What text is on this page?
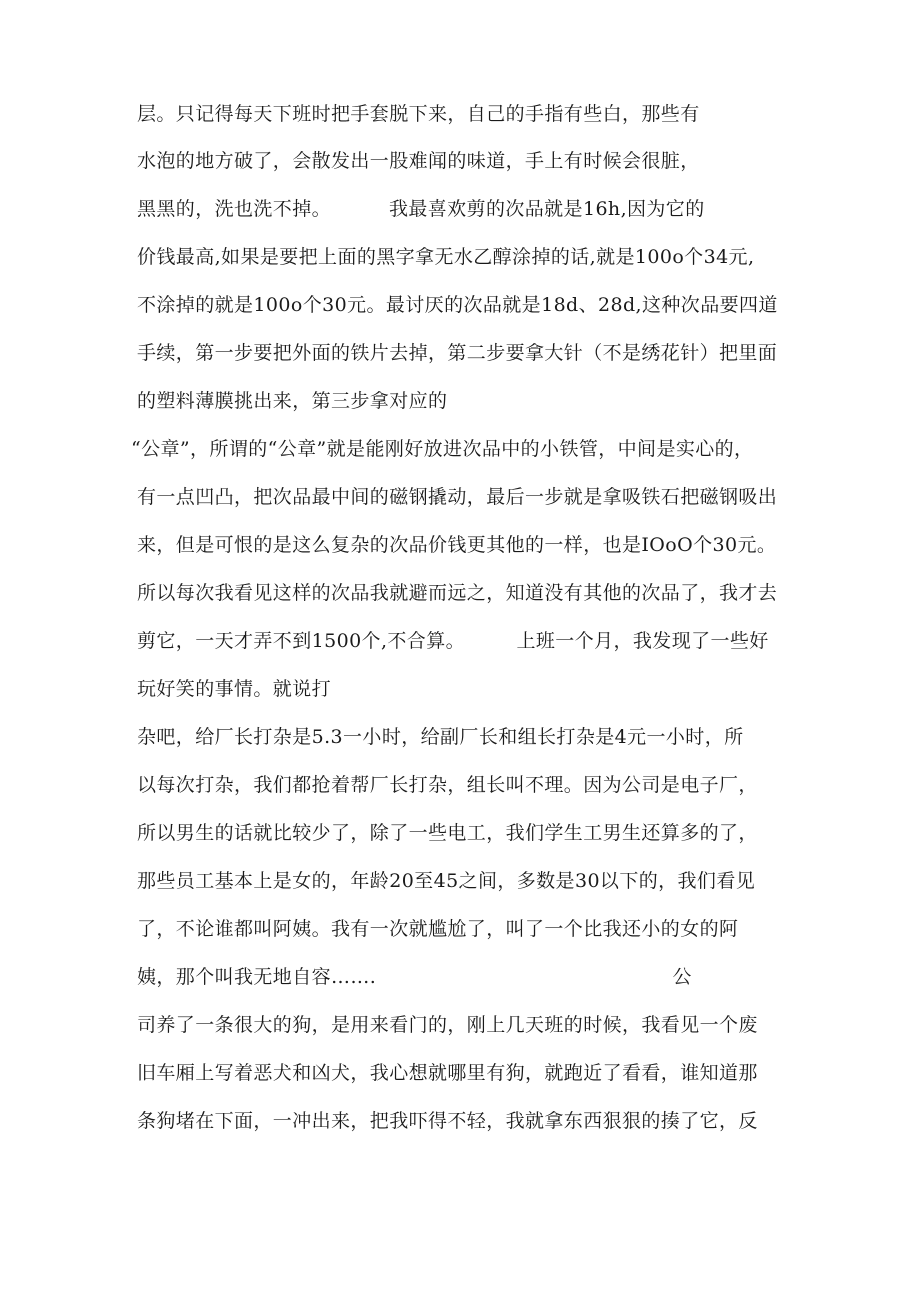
层。只记得每天下班时把手套脱下来，自己的手指有些白，那些有
水泡的地方破了，会散发出一股难闻的味道，手上有时候会很脏，
黑黑的，洗也洗不掉。         我最喜欢剪的次品就是16h,因为它的
价钱最高,如果是要把上面的黑字拿无水乙醇涂掉的话,就是100o个34元,
不涂掉的就是100o个30元。最讨厌的次品就是18d、28d,这种次品要四道
手续，第一步要把外面的铁片去掉，第二步要拿大针（不是绣花针）把里面
的塑料薄膜挑出来，第三步拿对应的
“公章”，所谓的“公章”就是能刚好放进次品中的小铁管，中间是实心的，
有一点凹凸，把次品最中间的磁钢撬动，最后一步就是拿吸铁石把磁钢吸出
来，但是可恨的是这么复杂的次品价钱更其他的一样，也是IOoO个30元。
所以每次我看见这样的次品我就避而远之，知道没有其他的次品了，我才去
剪它，一天才弄不到1500个,不合算。        上班一个月，我发现了一些好
玩好笑的事情。就说打
杂吧，给厂长打杂是5.3一小时，给副厂长和组长打杂是4元一小时，所
以每次打杂，我们都抢着帮厂长打杂，组长叫不理。因为公司是电子厂，
所以男生的话就比较少了，除了一些电工，我们学生工男生还算多的了，
那些员工基本上是女的，年龄20至45之间，多数是30以下的，我们看见
了，不论谁都叫阿姨。我有一次就尴尬了，叫了一个比我还小的女的阿
姨，那个叫我无地自容…….                                              公
司养了一条很大的狗，是用来看门的，刚上几天班的时候，我看见一个废
旧车厢上写着恶犬和凶犬，我心想就哪里有狗，就跑近了看看，谁知道那
条狗堵在下面，一冲出来，把我吓得不轻，我就拿东西狠狠的揍了它，反
